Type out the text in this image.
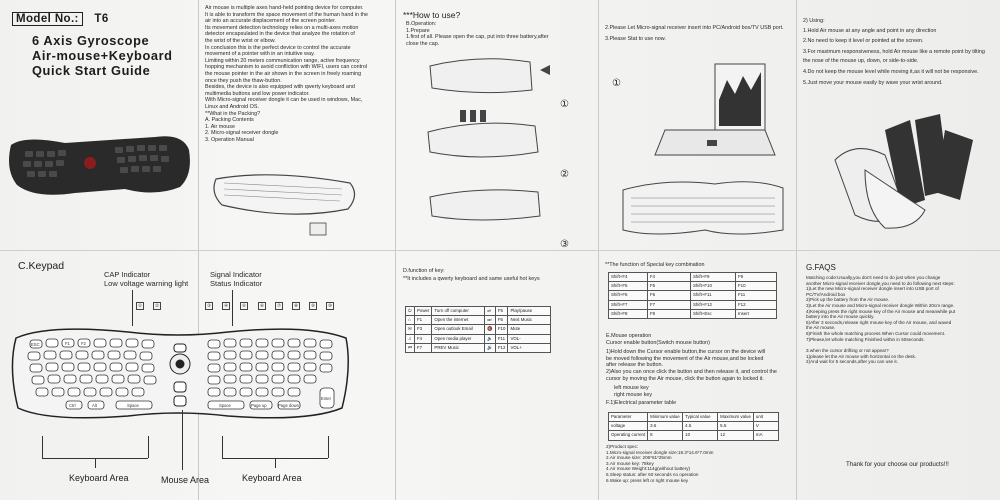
Model No.: T6
6 Axis Gyroscope
Air-mouse+Keyboard
Quick Start Guide
Air mouse is multiple axes hand-held pointing device for computer.
It is able to transform the space movement of the human hand in the
air into an accurate displacement of the screen pointer.
Its movement detection technology relies on a multi-axes motion
detector encapsulated in the device that analyze the rotation of
the wrist of the wrist or elbow.
In conclusion this is the perfect device to control the accurate
movement of a pointer with in an intuitive way.
Limiting within 20 meters communication range, active frequency
hopping mechanism to avoid confliction with WIFI, users can control
the mouse pointer in the air shown in the screen in freely roaming
once they push the thaw-button.
Besides, the device is also equipped with qwerty keyboard and
multimedia buttons and low power indicator.
With Micro-signal receiver dongle it can be used in windows, Mac,
Linux and Android OS.
**What in the Packing?
A. Packing Contents
1. Air mouse
2. Micro-signal receiver dongle
3. Operation Manual
***How to use?
B.Operation:
1.Prepare
1.first of all. Please open the cap, put into three battery,after
close the cap.
①
②
③
2.Please Let Micro-signal receiver insert into PC/Android box/TV USB port.
3.Please Stat to use now.
①
2) Using:
1.Hold Air mouse at any angle and point in any direction
2.No need to keep it level or pointed at the screen.
3.For maximum responsiveness, hold Air mouse like a remote point by tilting
the nose of the mouse up, down, or side-to-side.
4.Do not keep the mouse level while moving it,as it will not be responsive.
5.Just move your mouse easily by wave your wrist around.
C.Keypad
CAP Indicator
Low voltage warning light
Signal Indicator
Status Indicator
①	②	③	④	⑤	⑥	⑦	⑧	⑨	⑩
ESC	F1	F2
Ctrl	Alt	Space	Space	Page up	Page down
Enter
Keyboard Area	Mouse Area	Keyboard Area
D.function of key:
**It includes a qwerty keyboard and same useful hot keys
⏻	Power	Turn off computer	⏯	F5	Play/pause
⌂	F1	Open the internet	⏭	F6	Next Music
✉	F3	Open outlook Email	🔇	F10	Mute
♫	F4	Open media player	🔉	F11	VOL-
⏮	F7	PREV Music	🔊	F12	VOL+
**The function of Special key combination
Shift+F4	F4	Shift+F9	F9
Shift+F5	F5	Shift+F10	F10
Shift+F6	F6	Shift+F11	F11
Shift+F7	F7	Shift+F12	F12
Shift+F8	F8	Shift+Esc	Insert
E.Mouse operation
Cursor enable button(Switch mouse button)
1)Hold down the Cursor enable button,the cursor on the device will
be moved following the movement of the Air mouse,and be locked
after release the button.
2)Also you can once click the button and then release it, and control the
cursor by moving the Air mouse, click the button again to locked it.
left mouse key
right mouse key
F.1)Electrical parameter table
Parameter	Minimum value	Typical value	Maximum value	unit
voltage	3.6	4.5	5.5	V
Operating current	8	10	12	mA
2)Product spec:
1.Micro-signal receiver dongle size:19.3*14.6*7.0mm
2.Air mouse size: 206*61*25mm
3.Air mouse key: 78key
4.Air mouse Weight:114g(without battery)
5.Sleep status: after 60 seconds no operation
6.Wake up: press left or right mouse key
G.FAQS
Matching code:Usually,you don't need to do just when you change
another Micro-signal receiver dongle,you need to do following next steps:
1)Let the new Micro-signal receiver dongle insert into USB port of
PC/TV/Android box
2)Pick up the battery from the Air mouse.
3)Let the Air mouse and Micro-signal receiver dongle Within 20cm range.
4)Keeping press the right mouse key of the Air mouse and meanwhile put
battery into the Air mouse quickly.
5)After 3 seconds,release right mouse key of the Air mouse, and waved
the Air mouse.
6)Finish the whole matching process When Cursor could movement.
7)Please,let whole matching Finished within in 50seconds.
3.when the cursor drifting or not appear?
1)please let the Air mouse with horizontal on the desk.
2)And wait for 5 seconds,after you can use it.
Thank for your choose our products!!!
